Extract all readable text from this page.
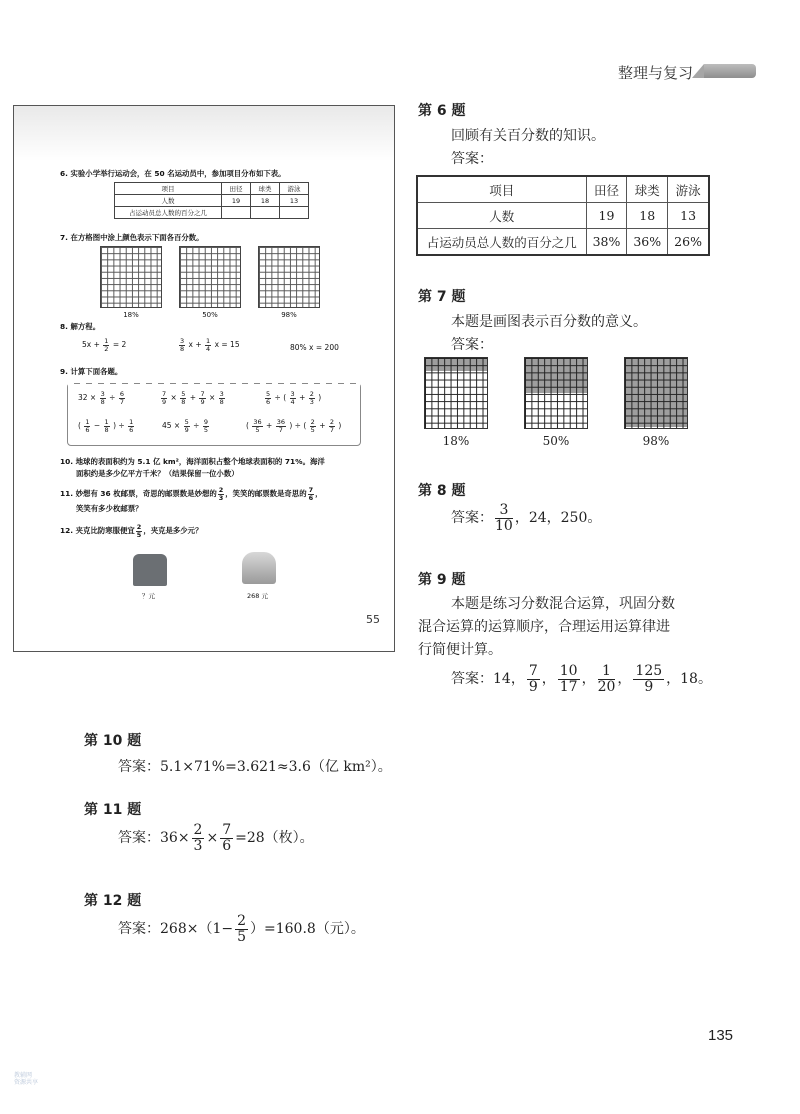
整理与复习
6. 实验小学举行运动会，在 50 名运动员中，参加项目分布如下表。
项目	田径	球类	游泳
人数	19	18	13
占运动员总人数的百分之几			
7. 在方格图中涂上颜色表示下面各百分数。
18%	50%	98%
8. 解方程。
$5x + \frac{1}{2} = 2$	$\frac{3}{8}$ $x + \frac{1}{4}$ x = 15	80% x = 200
9. 计算下面各题。
$32 \times \frac{3}{8} \div \frac{6}{7}$	$\frac{7}{9} \times \frac{5}{8} + \frac{7}{9} \times \frac{3}{8}$	$\frac{5}{6}$ ÷ ( $\frac{3}{4} + \frac{2}{3}$ )
( $\frac{1}{6} - \frac{1}{8}$ ) ÷ $\frac{1}{6}$	$45 \times \frac{5}{9} \div \frac{9}{5}$	( $\frac{36}{5} + \frac{36}{7}$ ) ÷ ( $\frac{2}{5} + \frac{2}{7}$ )
10. 地球的表面积约为 5.1 亿 km²，海洋面积占整个地球表面积的 71%。海洋
面积约是多少亿平方千米？（结果保留一位小数）
11. 妙想有 36 枚邮票，奇思的邮票数是妙想的 $\frac{2}{3}$ ，笑笑的邮票数是奇思的 $\frac{7}{6}$ ，
笑笑有多少枚邮票？
12. 夹克比防寒服便宜 $\frac{2}{5}$ ，夹克是多少元？
？元	268 元
55
第 6 题
回顾有关百分数的知识。
答案：
项目	田径	球类	游泳
人数	19	18	13
占运动员总人数的百分之几	38%	36%	26%
第 7 题
本题是画图表示百分数的意义。
答案：
18%	50%	98%
第 8 题
答案： $\frac{3}{10}$ ，24，250。
第 9 题
本题是练习分数混合运算，巩固分数
混合运算的运算顺序，合理运用运算律进
行简便计算。
答案：14， $\frac{7}{9}$ ， $\frac{10}{17}$ ， $\frac{1}{20}$ ， $\frac{125}{9}$ ，18。
第 10 题
答案：5.1×71%=3.621≈3.6（亿 km²）。
第 11 题
答案：$36\times \frac{2}{3} \times \frac{7}{6} =28$（枚）。
第 12 题
答案：$268\times(1- \frac{2}{5} )=160.8$（元）。
135
教辅网
资源共享
